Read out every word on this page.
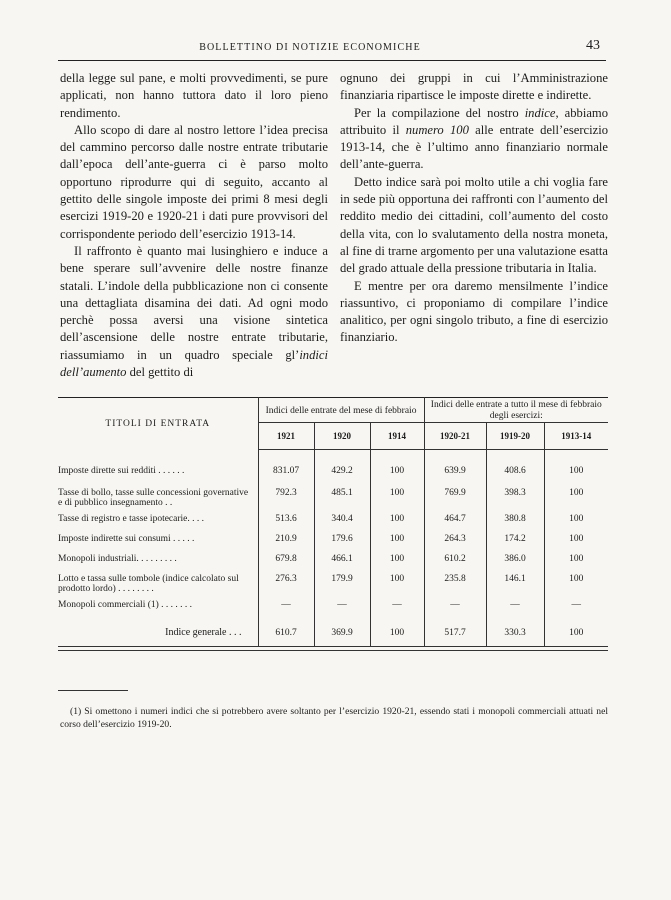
BOLLETTINO DI NOTIZIE ECONOMICHE	43

della legge sul pane, e molti provvedimenti, se pure applicati, non hanno tuttora dato il loro pieno rendimento.

Allo scopo di dare al nostro lettore l’idea precisa del cammino percorso dalle nostre entrate tributarie dall’epoca dell’ante-guerra ci è parso molto opportuno riprodurre qui di seguito, accanto al gettito delle singole imposte dei primi 8 mesi degli esercizi 1919-20 e 1920-21 i dati pure provvisori del corrispondente periodo dell’esercizio 1913-14.

Il raffronto è quanto mai lusinghiero e induce a bene sperare sull’avvenire delle nostre finanze statali. L’indole della pubblicazione non ci consente una dettagliata disamina dei dati. Ad ogni modo perchè possa aversi una visione sintetica dell’ascensione delle nostre entrate tributarie, riassumiamo in un quadro speciale gl’indici dell’aumento del gettito di

ognuno dei gruppi in cui l’Amministrazione finanziaria ripartisce le imposte dirette e indirette.

Per la compilazione del nostro indice, abbiamo attribuito il numero 100 alle entrate dell’esercizio 1913-14, che è l’ultimo anno finanziario normale dell’ante-guerra.

Detto indice sarà poi molto utile a chi voglia fare in sede più opportuna dei raffronti con l’aumento del reddito medio dei cittadini, coll’aumento del costo della vita, con lo svalutamento della nostra moneta, al fine di trarne argomento per una valutazione esatta del grado attuale della pressione tributaria in Italia.

E mentre per ora daremo mensilmente l’indice riassuntivo, ci proponiamo di compilare l’indice analitico, per ogni singolo tributo, a fine di esercizio finanziario.

TITOLI DI ENTRATA	Indici delle entrate del mese di febbraio			Indici delle entrate a tutto il mese di febbraio degli esercizi:		
	1921	1920	1914	1920-21	1919-20	1913-14

Imposte dirette sui redditi . . . . . .	831.07	429.2	100	639.9	408.6	100
Tasse di bollo, tasse sulle concessioni governative e di pubblico insegnamento . .	792.3	485.1	100	769.9	398.3	100
Tasse di registro e tasse ipotecarie. . . .	513.6	340.4	100	464.7	380.8	100
Imposte indirette sui consumi . . . . .	210.9	179.6	100	264.3	174.2	100
Monopoli industriali. . . . . . . . .	679.8	466.1	100	610.2	386.0	100
Lotto e tassa sulle tombole (indice calcolato sul prodotto lordo) . . . . . . . .	276.3	179.9	100	235.8	146.1	100
Monopoli commerciali (1) . . . . . . .	—	—	—	—	—	—
Indice generale . . .	610.7	369.9	100	517.7	330.3	100

(1) Si omettono i numeri indici che si potrebbero avere soltanto per l’esercizio 1920-21, essendo stati i monopoli commerciali attuati nel corso dell’esercizio 1919-20.
